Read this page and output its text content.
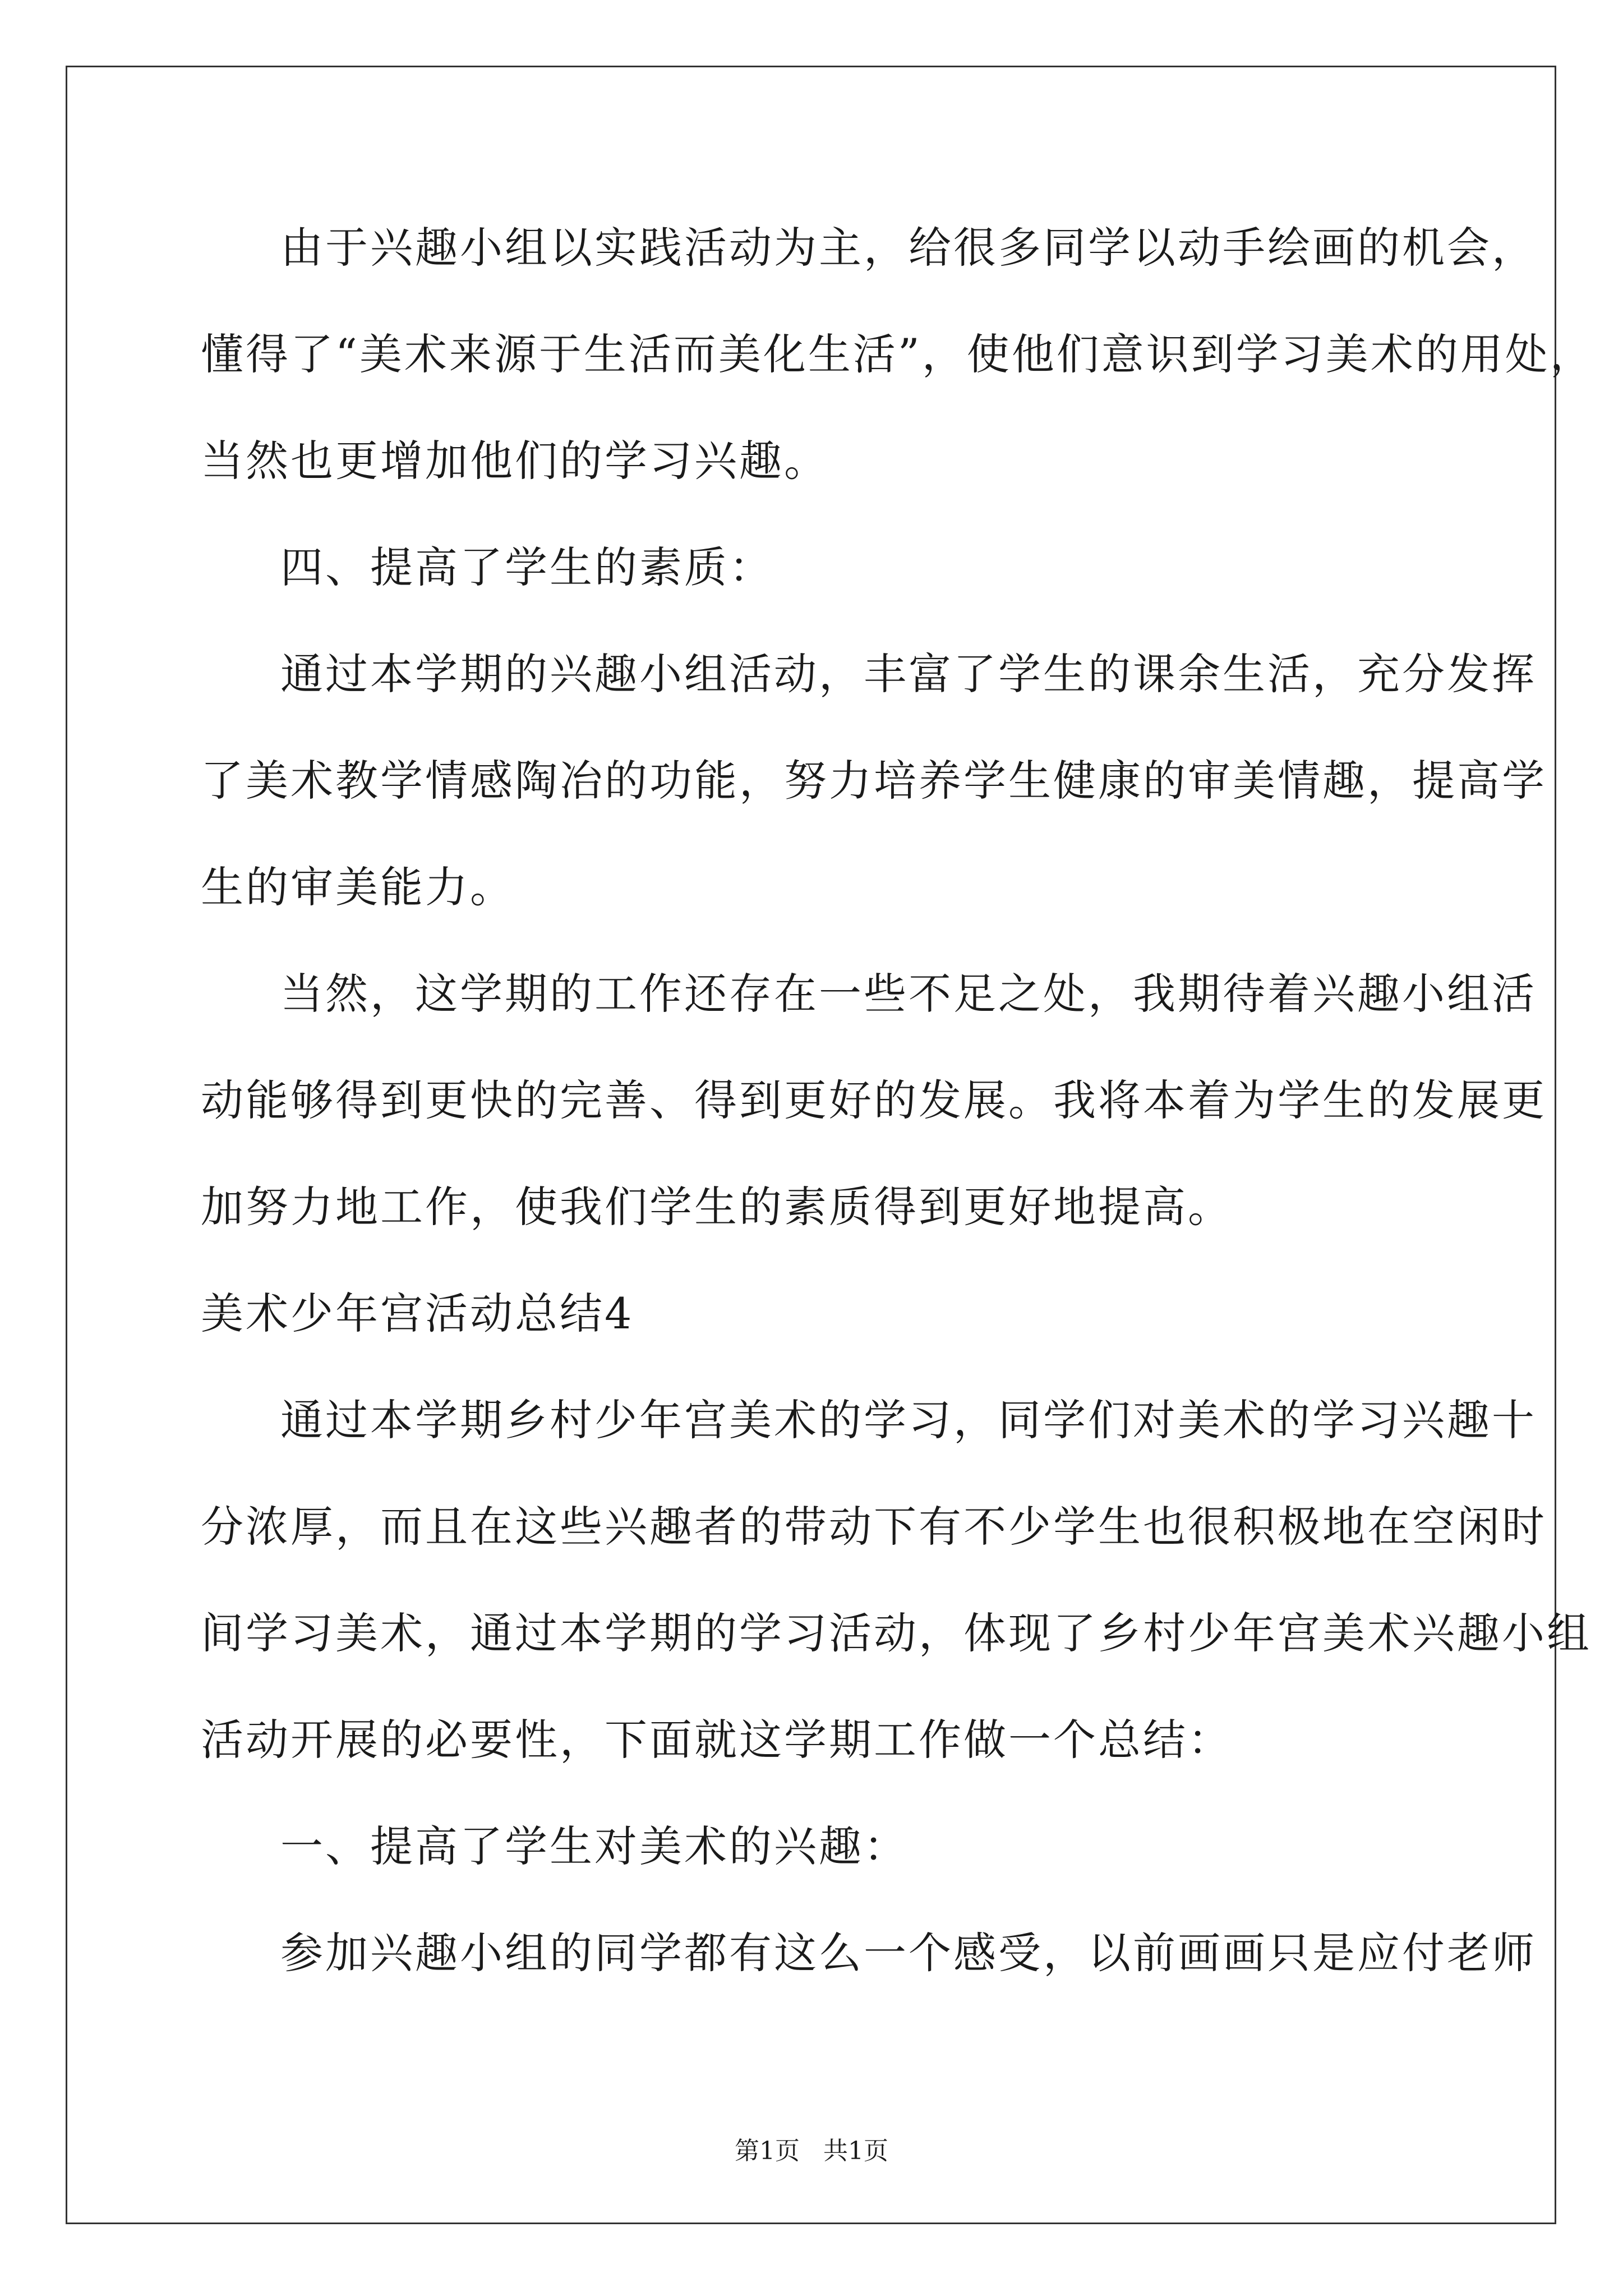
由于兴趣小组以实践活动为主，给很多同学以动手绘画的机会，
懂得了“美术来源于生活而美化生活”，使他们意识到学习美术的用处，
当然也更增加他们的学习兴趣。
四、提高了学生的素质：
通过本学期的兴趣小组活动，丰富了学生的课余生活，充分发挥
了美术教学情感陶冶的功能，努力培养学生健康的审美情趣，提高学
生的审美能力。
当然，这学期的工作还存在一些不足之处，我期待着兴趣小组活
动能够得到更快的完善、得到更好的发展。我将本着为学生的发展更
加努力地工作，使我们学生的素质得到更好地提高。
美术少年宫活动总结4
通过本学期乡村少年宫美术的学习，同学们对美术的学习兴趣十
分浓厚，而且在这些兴趣者的带动下有不少学生也很积极地在空闲时
间学习美术，通过本学期的学习活动，体现了乡村少年宫美术兴趣小组
活动开展的必要性，下面就这学期工作做一个总结：
一、提高了学生对美术的兴趣：
参加兴趣小组的同学都有这么一个感受，以前画画只是应付老师
第1页   共1页
